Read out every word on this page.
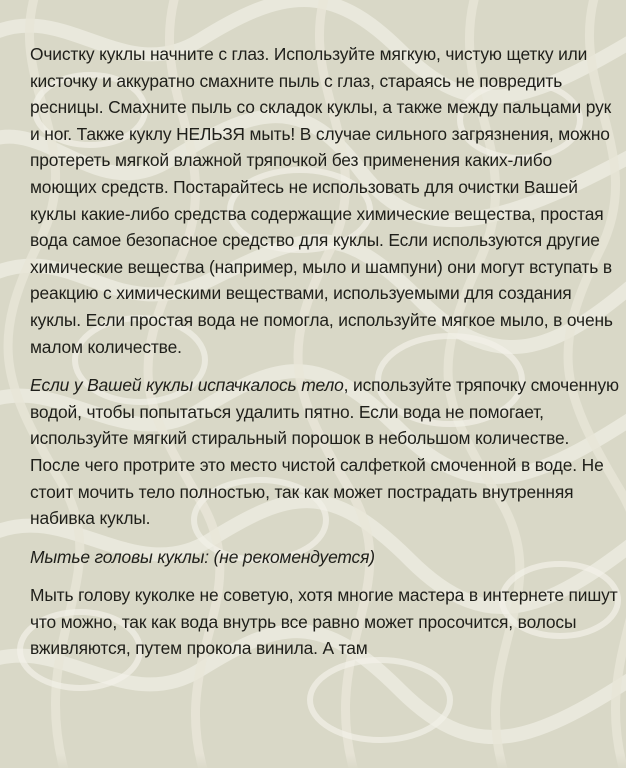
Очистку куклы начните с глаз. Используйте мягкую, чистую щетку или кисточку и аккуратно смахните пыль с глаз, стараясь не повредить ресницы. Смахните пыль со складок куклы, а также между пальцами рук и ног. Также куклу НЕЛЬЗЯ мыть! В случае сильного загрязнения, можно протереть мягкой влажной тряпочкой без применения каких-либо моющих средств. Постарайтесь не использовать для очистки Вашей куклы какие-либо средства содержащие химические вещества, простая вода самое безопасное средство для куклы. Если используются другие химические вещества (например, мыло и шампуни) они могут вступать в реакцию с химическими веществами, используемыми для создания куклы. Если простая вода не помогла, используйте мягкое мыло, в очень малом количестве.

Если у Вашей куклы испачкалось тело, используйте тряпочку смоченную водой, чтобы попытаться удалить пятно. Если вода не помогает, используйте мягкий стиральный порошок в небольшом количестве. После чего протрите это место чистой салфеткой смоченной в воде. Не стоит мочить тело полностью, так как может пострадать внутренняя набивка куклы.

Мытье головы куклы: (не рекомендуется)

Мыть голову куколке не советую, хотя многие мастера в интернете пишут что можно, так как вода внутрь все равно может просочится, волосы вживляются, путем прокола винила. А там
